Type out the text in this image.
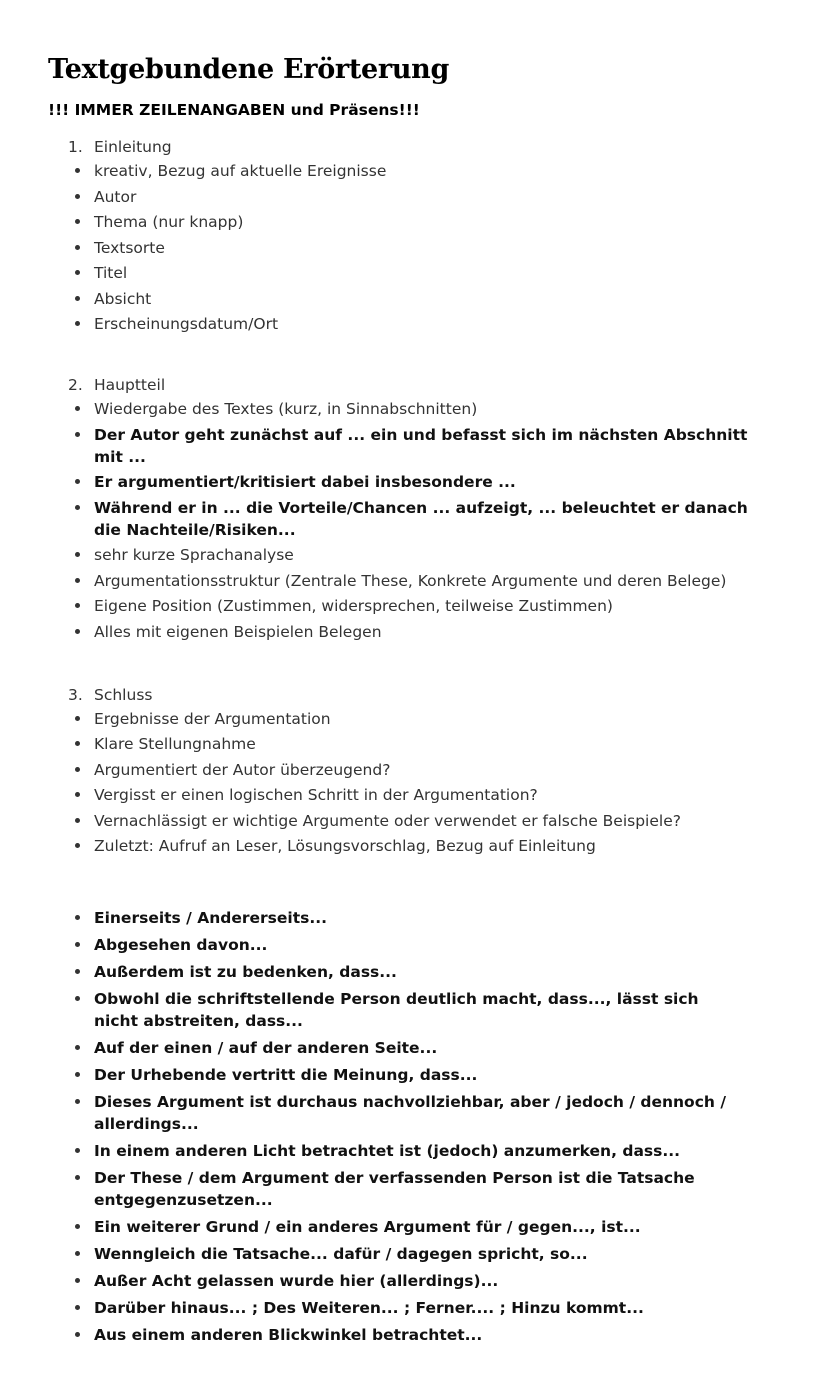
Textgebundene Erörterung
!!! IMMER ZEILENANGABEN und Präsens!!!
1. Einleitung
kreativ, Bezug auf aktuelle Ereignisse
Autor
Thema (nur knapp)
Textsorte
Titel
Absicht
Erscheinungsdatum/Ort
2. Hauptteil
Wiedergabe des Textes (kurz, in Sinnabschnitten)
Der Autor geht zunächst auf ... ein und befasst sich im nächsten Abschnitt mit ...
Er argumentiert/kritisiert dabei insbesondere ...
Während er in ... die Vorteile/Chancen ... aufzeigt, ... beleuchtet er danach die Nachteile/Risiken...
sehr kurze Sprachanalyse
Argumentationsstruktur (Zentrale These, Konkrete Argumente und deren Belege)
Eigene Position (Zustimmen, widersprechen, teilweise Zustimmen)
Alles mit eigenen Beispielen Belegen
3. Schluss
Ergebnisse der Argumentation
Klare Stellungnahme
Argumentiert der Autor überzeugend?
Vergisst er einen logischen Schritt in der Argumentation?
Vernachlässigt er wichtige Argumente oder verwendet er falsche Beispiele?
Zuletzt: Aufruf an Leser, Lösungsvorschlag, Bezug auf Einleitung
Einerseits / Andererseits...
Abgesehen davon...
Außerdem ist zu bedenken, dass...
Obwohl die schriftstellende Person deutlich macht, dass..., lässt sich nicht abstreiten, dass...
Auf der einen / auf der anderen Seite...
Der Urhebende vertritt die Meinung, dass...
Dieses Argument ist durchaus nachvollziehbar, aber / jedoch / dennoch / allerdings...
In einem anderen Licht betrachtet ist (jedoch) anzumerken, dass...
Der These / dem Argument der verfassenden Person ist die Tatsache entgegenzusetzen...
Ein weiterer Grund / ein anderes Argument für / gegen..., ist...
Wenngleich die Tatsache... dafür / dagegen spricht, so...
Außer Acht gelassen wurde hier (allerdings)...
Darüber hinaus... ; Des Weiteren... ; Ferner.... ; Hinzu kommt...
Aus einem anderen Blickwinkel betrachtet...
